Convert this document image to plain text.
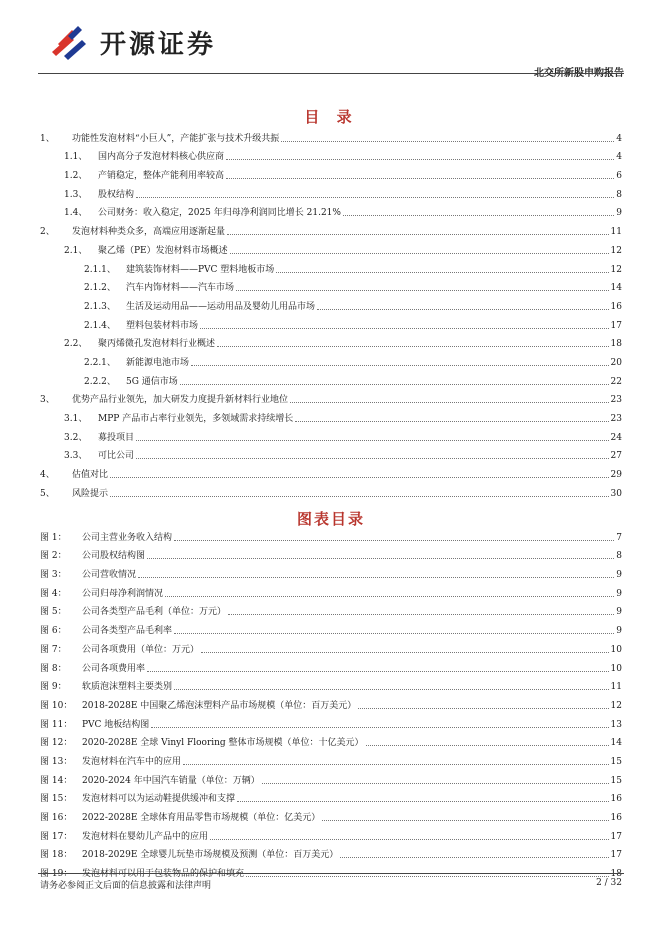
开源证券
北交所新股申购报告
目 录
1、	功能性发泡材料“小巨人”，产能扩张与技术升级共振	4
1.1、	国内高分子发泡材料核心供应商	4
1.2、	产销稳定，整体产能利用率较高	6
1.3、	股权结构	8
1.4、	公司财务：收入稳定，2025 年归母净利润同比增长 21.21%	9
2、	发泡材料种类众多，高端应用逐渐起量	11
2.1、	聚乙烯（PE）发泡材料市场概述	12
2.1.1、	建筑装饰材料——PVC 塑料地板市场	12
2.1.2、	汽车内饰材料——汽车市场	14
2.1.3、	生活及运动用品——运动用品及婴幼儿用品市场	16
2.1.4、	塑料包装材料市场	17
2.2、	聚丙烯微孔发泡材料行业概述	18
2.2.1、	新能源电池市场	20
2.2.2、	5G 通信市场	22
3、	优势产品行业领先，加大研发力度提升新材料行业地位	23
3.1、	MPP 产品市占率行业领先，多领域需求持续增长	23
3.2、	募投项目	24
3.3、	可比公司	27
4、	估值对比	29
5、	风险提示	30
图表目录
图 1：	公司主营业务收入结构	7
图 2：	公司股权结构图	8
图 3：	公司营收情况	9
图 4：	公司归母净利润情况	9
图 5：	公司各类型产品毛利（单位：万元）	9
图 6：	公司各类型产品毛利率	9
图 7：	公司各项费用（单位：万元）	10
图 8：	公司各项费用率	10
图 9：	软质泡沫塑料主要类别	11
图 10：	2018-2028E 中国聚乙烯泡沫塑料产品市场规模（单位：百万美元）	12
图 11：	PVC 地板结构图	13
图 12：	2020-2028E 全球 Vinyl Flooring 整体市场规模（单位：十亿美元）	14
图 13：	发泡材料在汽车中的应用	15
图 14：	2020-2024 年中国汽车销量（单位：万辆）	15
图 15：	发泡材料可以为运动鞋提供缓冲和支撑	16
图 16：	2022-2028E 全球体育用品零售市场规模（单位：亿美元）	16
图 17：	发泡材料在婴幼儿产品中的应用	17
图 18：	2018-2029E 全球婴儿玩垫市场规模及预测（单位：百万美元）	17
图 19：	发泡材料可以用于包装物品的保护和填充	18
请务必参阅正文后面的信息披露和法律声明	2 / 32
